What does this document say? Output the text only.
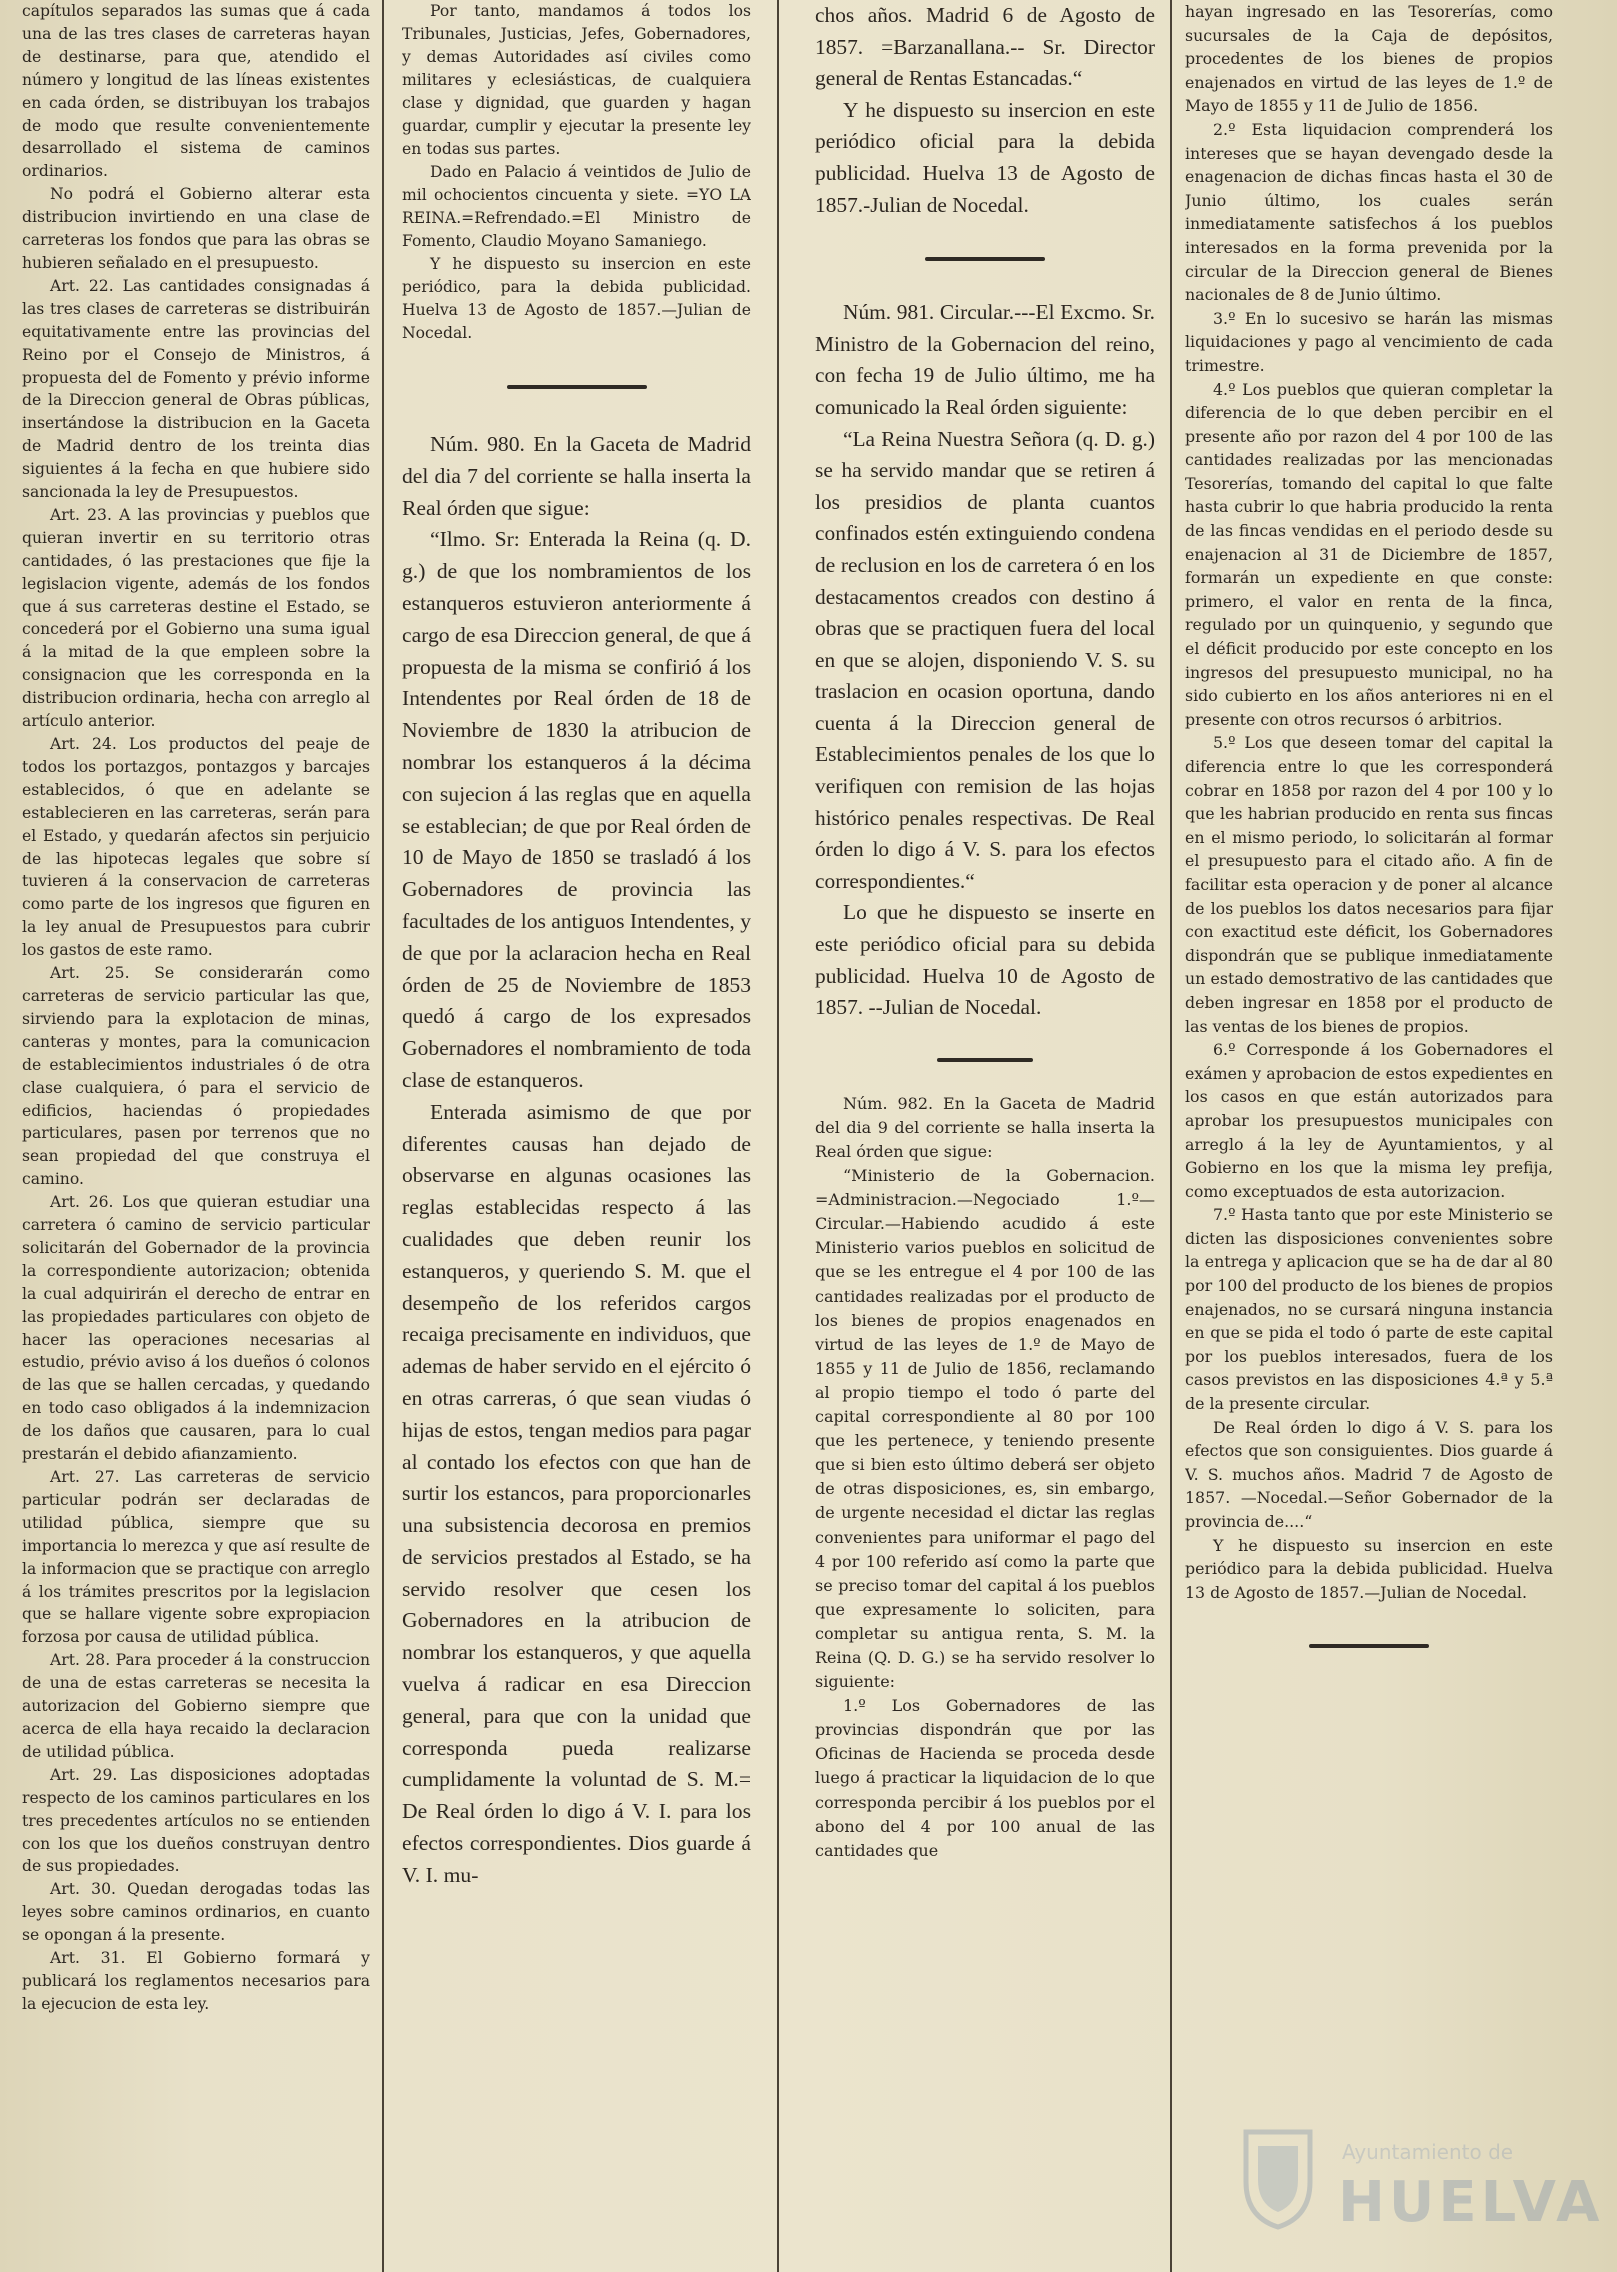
capítulos separados las sumas que á cada una de las tres clases de carreteras hayan de destinarse, para que, atendido el número y longitud de las líneas existentes en cada órden, se distribuyan los trabajos de modo que resulte convenientemente desarrollado el sistema de caminos ordinarios.

No podrá el Gobierno alterar esta distribucion invirtiendo en una clase de carreteras los fondos que para las obras se hubieren señalado en el presupuesto.

Art. 22. Las cantidades consignadas á las tres clases de carreteras se distribuirán equitativamente entre las provincias del Reino por el Consejo de Ministros, á propuesta del de Fomento y prévio informe de la Direccion general de Obras públicas, insertándose la distribucion en la Gaceta de Madrid dentro de los treinta dias siguientes á la fecha en que hubiere sido sancionada la ley de Presupuestos.

Art. 23. A las provincias y pueblos que quieran invertir en su territorio otras cantidades, ó las prestaciones que fije la legislacion vigente, además de los fondos que á sus carreteras destine el Estado, se concederá por el Gobierno una suma igual á la mitad de la que empleen sobre la consignacion que les corresponda en la distribucion ordinaria, hecha con arreglo al artículo anterior.

Art. 24. Los productos del peaje de todos los portazgos, pontazgos y barcajes establecidos, ó que en adelante se establecieren en las carreteras, serán para el Estado, y quedarán afectos sin perjuicio de las hipotecas legales que sobre sí tuvieren á la conservacion de carreteras como parte de los ingresos que figuren en la ley anual de Presupuestos para cubrir los gastos de este ramo.

Art. 25. Se considerarán como carreteras de servicio particular las que, sirviendo para la explotacion de minas, canteras y montes, para la comunicacion de establecimientos industriales ó de otra clase cualquiera, ó para el servicio de edificios, haciendas ó propiedades particulares, pasen por terrenos que no sean propiedad del que construya el camino.

Art. 26. Los que quieran estudiar una carretera ó camino de servicio particular solicitarán del Gobernador de la provincia la correspondiente autorizacion; obtenida la cual adquirirán el derecho de entrar en las propiedades particulares con objeto de hacer las operaciones necesarias al estudio, prévio aviso á los dueños ó colonos de las que se hallen cercadas, y quedando en todo caso obligados á la indemnizacion de los daños que causaren, para lo cual prestarán el debido afianzamiento.

Art. 27. Las carreteras de servicio particular podrán ser declaradas de utilidad pública, siempre que su importancia lo merezca y que así resulte de la informacion que se practique con arreglo á los trámites prescritos por la legislacion que se hallare vigente sobre expropiacion forzosa por causa de utilidad pública.

Art. 28. Para proceder á la construccion de una de estas carreteras se necesita la autorizacion del Gobierno siempre que acerca de ella haya recaido la declaracion de utilidad pública.

Art. 29. Las disposiciones adoptadas respecto de los caminos particulares en los tres precedentes artículos no se entienden con los que los dueños construyan dentro de sus propiedades.

Art. 30. Quedan derogadas todas las leyes sobre caminos ordinarios, en cuanto se opongan á la presente.

Art. 31. El Gobierno formará y publicará los reglamentos necesarios para la ejecucion de esta ley.

Por tanto, mandamos á todos los Tribunales, Justicias, Jefes, Gobernadores, y demas Autoridades así civiles como militares y eclesiásticas, de cualquiera clase y dignidad, que guarden y hagan guardar, cumplir y ejecutar la presente ley en todas sus partes.

Dado en Palacio á veintidos de Julio de mil ochocientos cincuenta y siete. =YO LA REINA.=Refrendado.=El Ministro de Fomento, Claudio Moyano Samaniego.

Y he dispuesto su insercion en este periódico, para la debida publicidad. Huelva 13 de Agosto de 1857.—Julian de Nocedal.

Núm. 980. En la Gaceta de Madrid del dia 7 del corriente se halla inserta la Real órden que sigue:

“Ilmo. Sr: Enterada la Reina (q. D. g.) de que los nombramientos de los estanqueros estuvieron anteriormente á cargo de esa Direccion general, de que á propuesta de la misma se confirió á los Intendentes por Real órden de 18 de Noviembre de 1830 la atribucion de nombrar los estanqueros á la décima con sujecion á las reglas que en aquella se establecian; de que por Real órden de 10 de Mayo de 1850 se trasladó á los Gobernadores de provincia las facultades de los antiguos Intendentes, y de que por la aclaracion hecha en Real órden de 25 de Noviembre de 1853 quedó á cargo de los expresados Gobernadores el nombramiento de toda clase de estanqueros.

Enterada asimismo de que por diferentes causas han dejado de observarse en algunas ocasiones las reglas establecidas respecto á las cualidades que deben reunir los estanqueros, y queriendo S. M. que el desempeño de los referidos cargos recaiga precisamente en individuos, que ademas de haber servido en el ejército ó en otras carreras, ó que sean viudas ó hijas de estos, tengan medios para pagar al contado los efectos con que han de surtir los estancos, para proporcionarles una subsistencia decorosa en premios de servicios prestados al Estado, se ha servido resolver que cesen los Gobernadores en la atribucion de nombrar los estanqueros, y que aquella vuelva á radicar en esa Direccion general, para que con la unidad que corresponda pueda realizarse cumplidamente la voluntad de S. M.= De Real órden lo digo á V. I. para los efectos correspondientes. Dios guarde á V. I. mu-

chos años. Madrid 6 de Agosto de 1857. =Barzanallana.-- Sr. Director general de Rentas Estancadas.“

Y he dispuesto su insercion en este periódico oficial para la debida publicidad. Huelva 13 de Agosto de 1857.-Julian de Nocedal.

Núm. 981. Circular.---El Excmo. Sr. Ministro de la Gobernacion del reino, con fecha 19 de Julio último, me ha comunicado la Real órden siguiente:

“La Reina Nuestra Señora (q. D. g.) se ha servido mandar que se retiren á los presidios de planta cuantos confinados estén extinguiendo condena de reclusion en los de carretera ó en los destacamentos creados con destino á obras que se practiquen fuera del local en que se alojen, disponiendo V. S. su traslacion en ocasion oportuna, dando cuenta á la Direccion general de Establecimientos penales de los que lo verifiquen con remision de las hojas histórico penales respectivas. De Real órden lo digo á V. S. para los efectos correspondientes.“

Lo que he dispuesto se inserte en este periódico oficial para su debida publicidad. Huelva 10 de Agosto de 1857. --Julian de Nocedal.

Núm. 982. En la Gaceta de Madrid del dia 9 del corriente se halla inserta la Real órden que sigue:

“Ministerio de la Gobernacion. =Administracion.—Negociado 1.º—Circular.—Habiendo acudido á este Ministerio varios pueblos en solicitud de que se les entregue el 4 por 100 de las cantidades realizadas por el producto de los bienes de propios enagenados en virtud de las leyes de 1.º de Mayo de 1855 y 11 de Julio de 1856, reclamando al propio tiempo el todo ó parte del capital correspondiente al 80 por 100 que les pertenece, y teniendo presente que si bien esto último deberá ser objeto de otras disposiciones, es, sin embargo, de urgente necesidad el dictar las reglas convenientes para uniformar el pago del 4 por 100 referido así como la parte que se preciso tomar del capital á los pueblos que expresamente lo soliciten, para completar su antigua renta, S. M. la Reina (Q. D. G.) se ha servido resolver lo siguiente:

1.º Los Gobernadores de las provincias dispondrán que por las Oficinas de Hacienda se proceda desde luego á practicar la liquidacion de lo que corresponda percibir á los pueblos por el abono del 4 por 100 anual de las cantidades que

hayan ingresado en las Tesorerías, como sucursales de la Caja de depósitos, procedentes de los bienes de propios enajenados en virtud de las leyes de 1.º de Mayo de 1855 y 11 de Julio de 1856.

2.º Esta liquidacion comprenderá los intereses que se hayan devengado desde la enagenacion de dichas fincas hasta el 30 de Junio último, los cuales serán inmediatamente satisfechos á los pueblos interesados en la forma prevenida por la circular de la Direccion general de Bienes nacionales de 8 de Junio último.

3.º En lo sucesivo se harán las mismas liquidaciones y pago al vencimiento de cada trimestre.

4.º Los pueblos que quieran completar la diferencia de lo que deben percibir en el presente año por razon del 4 por 100 de las cantidades realizadas por las mencionadas Tesorerías, tomando del capital lo que falte hasta cubrir lo que habria producido la renta de las fincas vendidas en el periodo desde su enajenacion al 31 de Diciembre de 1857, formarán un expediente en que conste: primero, el valor en renta de la finca, regulado por un quinquenio, y segundo que el déficit producido por este concepto en los ingresos del presupuesto municipal, no ha sido cubierto en los años anteriores ni en el presente con otros recursos ó arbitrios.

5.º Los que deseen tomar del capital la diferencia entre lo que les corresponderá cobrar en 1858 por razon del 4 por 100 y lo que les habrian producido en renta sus fincas en el mismo periodo, lo solicitarán al formar el presupuesto para el citado año. A fin de facilitar esta operacion y de poner al alcance de los pueblos los datos necesarios para fijar con exactitud este déficit, los Gobernadores dispondrán que se publique inmediatamente un estado demostrativo de las cantidades que deben ingresar en 1858 por el producto de las ventas de los bienes de propios.

6.º Corresponde á los Gobernadores el exámen y aprobacion de estos expedientes en los casos en que están autorizados para aprobar los presupuestos municipales con arreglo á la ley de Ayuntamientos, y al Gobierno en los que la misma ley prefija, como exceptuados de esta autorizacion.

7.º Hasta tanto que por este Ministerio se dicten las disposiciones convenientes sobre la entrega y aplicacion que se ha de dar al 80 por 100 del producto de los bienes de propios enajenados, no se cursará ninguna instancia en que se pida el todo ó parte de este capital por los pueblos interesados, fuera de los casos previstos en las disposiciones 4.ª y 5.ª de la presente circular.

De Real órden lo digo á V. S. para los efectos que son consiguientes. Dios guarde á V. S. muchos años. Madrid 7 de Agosto de 1857. —Nocedal.—Señor Gobernador de la provincia de....“

Y he dispuesto su insercion en este periódico para la debida publicidad. Huelva 13 de Agosto de 1857.—Julian de Nocedal.

Ayuntamiento de
HUELVA
